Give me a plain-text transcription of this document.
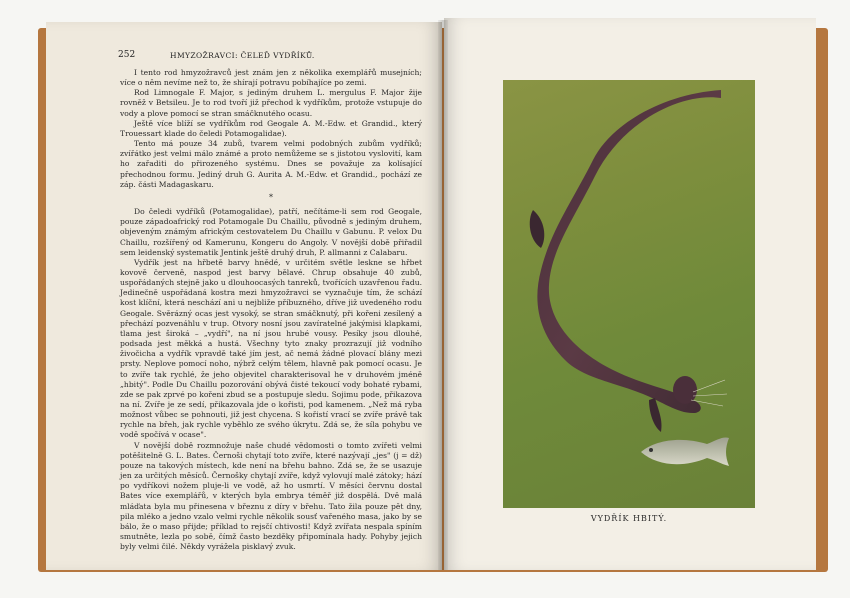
252	HMYZOŽRAVCI: ČELEĎ VYDŘÍKŮ.

I tento rod hmyzožravců jest znám jen z několika exemplářů musejních; více o něm nevíme než to, že shírají potravu pobíhajíce po zemi.

Rod Limnogale F. Major, s jediným druhem L. mergulus F. Major žije rovněž v Betsileu. Je to rod tvoří již přechod k vydříkům, protože vstupuje do vody a plove pomocí se stran smáčknutého ocasu.

Ještě více blíží se vydříkům rod Geogale A. M.-Edw. et Grandid., který Trouessart klade do čeledi Potamogalidae).

Tento má pouze 34 zubů, tvarem velmi podobných zubům vydříků; zvířátko jest velmi málo známé a proto nemůžeme se s jistotou vyslovití, kam ho zařaditi do přirozeného systému. Dnes se považuje za kolísající přechodnou formu. Jediný druh G. Aurita A. M.-Edw. et Grandid., pochází ze záp. části Madagaskaru.

*

Do čeledi vydříků (Potamogalidae), patří, nečítáme-li sem rod Geogale, pouze západoafrický rod Potamogale Du Chaillu, původně s jediným druhem, objeveným známým africkým cestovatelem Du Chaillu v Gabunu. P. velox Du Chaillu, rozšířený od Kamerunu, Kongeru do Angoly. V novější době přiřadil sem leidenský systematik Jentink ještě druhý druh, P. allmanni z Calabaru.

Vydřík jest na hřbetě barvy hnědé, v určitém světle leskne se hřbet kovově červeně, naspod jest barvy bělavé. Chrup obsahuje 40 zubů, uspořádaných stejně jako u dlouhoocasých tanreků, tvořících uzavřenou řadu. Jedinečně uspořádaná kostra mezi hmyzožravci se vyznačuje tím, že schází kost klíční, která neschází ani u nejbliže příbuzného, dříve již uvedeného rodu Geogale. Svěrázný ocas jest vysoký, se stran smáčknutý, při kořeni zesílený a přechází pozvenáhlu v trup. Otvory nosní jsou zavíratelné jakýmisi klapkami, tlama jest široká – „vydří", na ní jsou hrubé vousy. Pesíky jsou dlouhé, podsada jest měkká a hustá. Všechny tyto znaky prozrazují již vodního živočicha a vydřík vpravdě také jím jest, ač nemá žádné plovací blány mezi prsty. Neplove pomocí noho, nýbrž celým tělem, hlavně pak pomocí ocasu. Je to zvíře tak rychlé, že jeho objevitel charakterisoval he v druhovém jméně „hbitý". Podle Du Chaillu pozorování obývá čisté tekoucí vody bohaté rybami, zde se pak zprvé po kořeni zbud se a postupuje sledu. Sojimu pode, přikazova na ní. Zvíře je ze sedí, přikazovala jde o kořisti, pod kamenem. „Než má ryba možnost vůbec se pohnouti, již jest chycena. S kořistí vrací se zvíře právě tak rychle na břeh, jak rychle vyběhlo ze svého úkrytu. Zdá se, že síla pohybu ve vodě spočívá v ocase".

V novější době rozmnožuje naše chudé vědomosti o tomto zvířeti velmi potěšitelně G. L. Bates. Černoši chytají toto zvíře, které nazývají „jes" (j = dž) pouze na takových místech, kde není na břehu bahno. Zdá se, že se usazuje jen za určitých měsíců. Černošky chytají zvíře, když vylovují malé zátoky; hází po vydříkovi nožem pluje-li ve vodě, až ho usmrtí. V měsíci červnu dostal Bates více exemplářů, v kterých byla embrya téměř již dospělá. Dvě malá mláďata byla mu přinesena v březnu z díry v břehu. Tato žila pouze pět dny, pila mléko a jedno vzalo velmi rychle několik sousť vařeného masa, jako by se bálo, že o maso přijde; příklad to rejsčí chtivosti! Když zvířata nespala spíním smutněte, lezla po sobě, čímž často bezděky připomínala hady. Pohyby jejich byly velmi čilé. Někdy vyrážela pisklavý zvuk.

VYDŘÍK HBITÝ.
